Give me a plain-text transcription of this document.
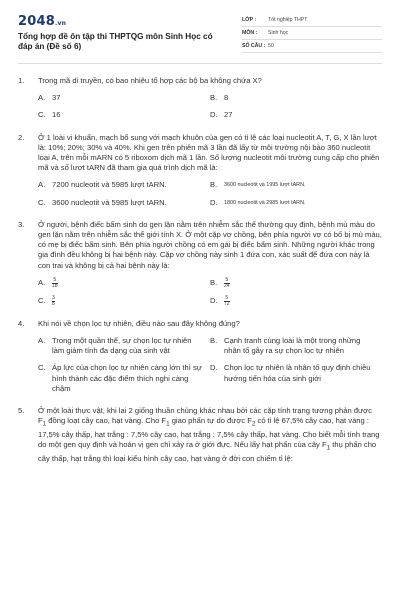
2048.vn
Tổng hợp đề ôn tập thi THPTQG môn Sinh Học có đáp án (Đề số 6)
LỚP :	Tốt nghiệp THPT
MÔN :	Sinh học
SỐ CÂU : 50
1.	Trong mã di truyền, có bao nhiêu tổ hợp các bộ ba không chứa X?
A. 37	B. 8
C. 16	D. 27
2.	Ở 1 loài vi khuẩn, mạch bổ sung với mạch khuôn của gen có tỉ lệ các loại nucleotit A, T, G, X lần lượt là: 10%; 20%; 30% và 40%. Khi gen trên phiên mã 3 lần đã lấy từ môi trường nội bào 360 nucleotit loại A, trên mỗi mARN có 5 riboxom dịch mã 1 lần. Số lượng nucleotit môi trường cung cấp cho phiên mã và số lượt tARN đã tham gia quá trình dịch mã là:
A. 7200 nucleotit và 5985 lượt tARN.	B.	3600 nucleotit và 1995 lượt tARN.
C. 3600 nucleotit và 5985 lượt tARN.	D.	1800 nucleotit và 2985 lượt tARN.
3.	Ở người, bệnh điếc bẩm sinh do gen lặn nằm trên nhiễm sắc thể thường quy định, bệnh mù màu do gen lặn nằm trên nhiễm sắc thể giới tính X. Ở một cặp vợ chồng, bên phía người vợ có bố bị mù màu, có mẹ bị điếc bẩm sinh. Bên phía người chồng có em gái bị điếc bẩm sinh. Những người khác trong gia đình đều không bị hai bệnh này. Cặp vợ chồng này sinh 1 đứa con, xác suất để đứa con này là con trai và không bị cả hai bệnh này là:
A.	$\frac{5}{18}$	B.	$\frac{5}{24}$
C.	$\frac{3}{8}$	D.	$\frac{5}{72}$
4.	Khi nói về chọn lọc tự nhiên, điều nào sau đây không đúng?
A. Trong một quần thể, sự chọn lọc tự nhiên làm giảm tính đa dạng của sinh vật
B. Cạnh tranh cùng loài là một trong những nhân tố gây ra sự chọn lọc tự nhiên
C. Áp lực của chọn lọc tự nhiên càng lớn thì sự hình thành các đặc điểm thích nghi càng chậm
D. Chọn lọc tự nhiên là nhân tố quy định chiều hướng tiến hóa của sinh giới
5.	Ở một loài thực vật, khi lai 2 giống thuần chủng khác nhau bởi các cặp tính trạng tương phản được $F_1$ đồng loạt cây cao, hạt vàng. Cho $F_1$ giao phấn tự do được $F_2$ có tỉ lệ 67,5% cây cao, hạt vàng : 17,5% cây thấp, hạt trắng : 7,5% cây cao, hạt trắng : 7,5% cây thấp, hạt vàng. Cho biết mỗi tính trạng do một gen quy định và hoán vị gen chỉ xảy ra ở giới đực. Nếu lấy hạt phấn của cây $F_1$ thụ phấn cho cây thấp, hạt trắng thì loại kiểu hình cây cao, hạt vàng ở đời con chiếm tỉ lệ:
